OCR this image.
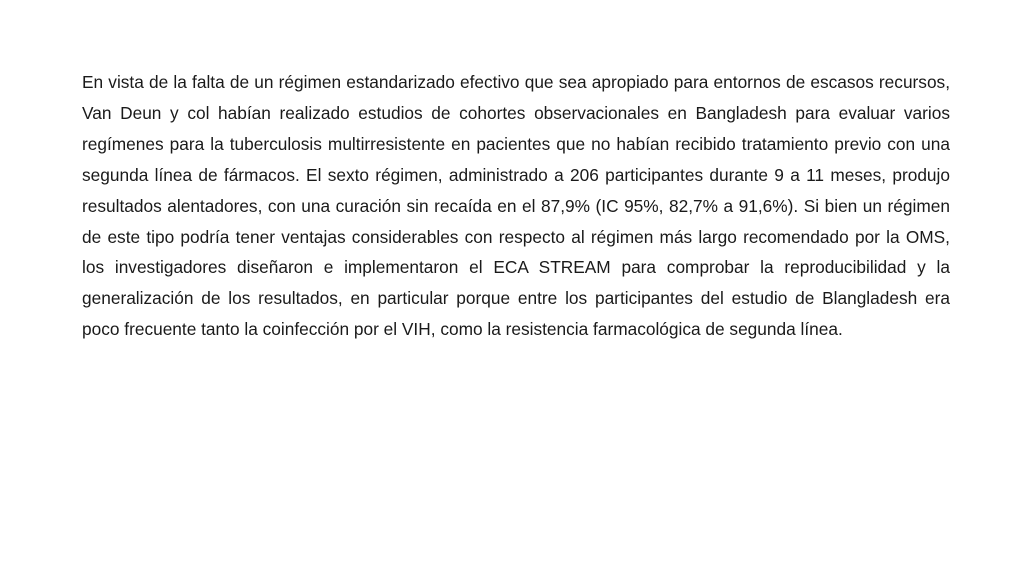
En vista de la falta de un régimen estandarizado efectivo que sea apropiado para entornos de escasos recursos, Van Deun y col habían realizado estudios de cohortes observacionales en Bangladesh para evaluar varios regímenes para la tuberculosis multirresistente en pacientes que no habían recibido tratamiento previo con una segunda línea de fármacos. El sexto régimen, administrado a 206 participantes durante 9 a 11 meses, produjo resultados alentadores, con una curación sin recaída en el 87,9% (IC 95%, 82,7% a 91,6%). Si bien un régimen de este tipo podría tener ventajas considerables con respecto al régimen más largo recomendado por la OMS, los investigadores diseñaron e implementaron el ECA STREAM para comprobar la reproducibilidad y la generalización de los resultados, en particular porque entre los participantes del estudio de Blangladesh era poco frecuente tanto la coinfección por el VIH, como la resistencia farmacológica de segunda línea.
